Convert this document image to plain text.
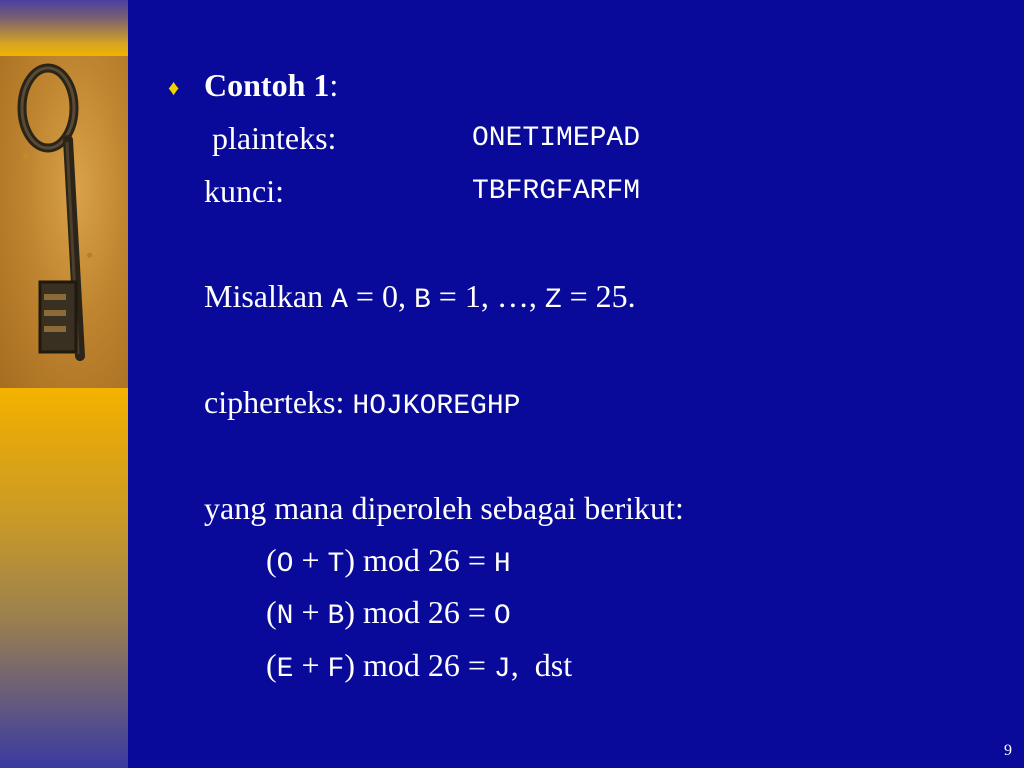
♦ Contoh 1:
plainteks:	ONETIMEPAD
kunci:	TBFRGFARFM
Misalkan A = 0, B = 1, …, Z = 25.
cipherteks: HOJKOREGHP
yang mana diperoleh sebagai berikut:
(O + T) mod 26 = H
(N + B) mod 26 = O
(E + F) mod 26 = J,  dst
9
